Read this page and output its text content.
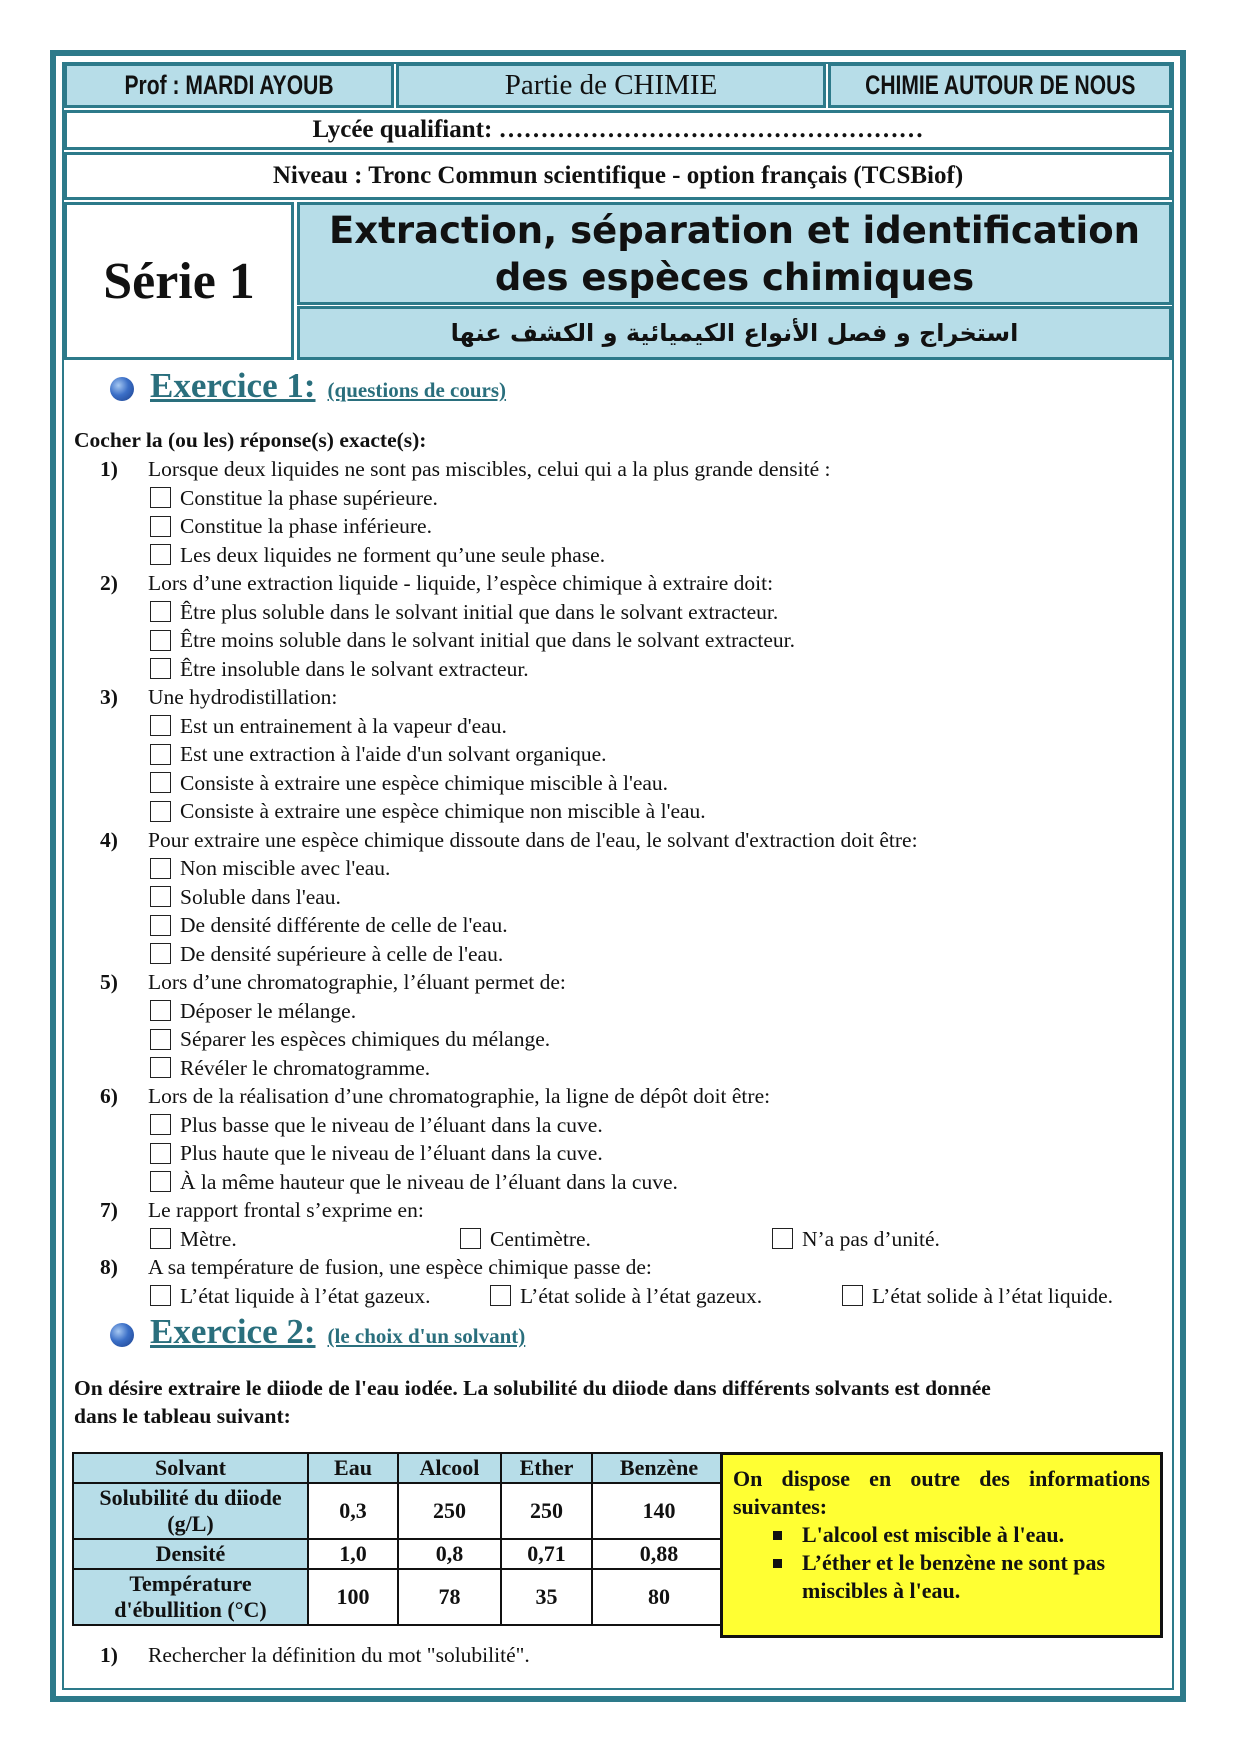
Prof : MARDI AYOUB	Partie de CHIMIE	CHIMIE AUTOUR DE NOUS
Lycée qualifiant: ……………………………………………
Niveau : Tronc Commun scientifique - option français (TCSBiof)
Série 1
Extraction, séparation et identification
des espèces chimiques
استخراج و فصل الأنواع الكيميائية و الكشف عنها
Exercice 1: (questions de cours)
Cocher la (ou les) réponse(s) exacte(s):
1) Lorsque deux liquides ne sont pas miscibles, celui qui a la plus grande densité :
Constitue la phase supérieure.
Constitue la phase inférieure.
Les deux liquides ne forment qu’une seule phase.
2) Lors d’une extraction liquide - liquide, l’espèce chimique à extraire doit:
Être plus soluble dans le solvant initial que dans le solvant extracteur.
Être moins soluble dans le solvant initial que dans le solvant extracteur.
Être insoluble dans le solvant extracteur.
3) Une hydrodistillation:
Est un entrainement à la vapeur d'eau.
Est une extraction à l'aide d'un solvant organique.
Consiste à extraire une espèce chimique miscible à l'eau.
Consiste à extraire une espèce chimique non miscible à l'eau.
4) Pour extraire une espèce chimique dissoute dans de l'eau, le solvant d'extraction doit être:
Non miscible avec l'eau.
Soluble dans l'eau.
De densité différente de celle de l'eau.
De densité supérieure à celle de l'eau.
5) Lors d’une chromatographie, l’éluant permet de:
Déposer le mélange.
Séparer les espèces chimiques du mélange.
Révéler le chromatogramme.
6) Lors de la réalisation d’une chromatographie, la ligne de dépôt doit être:
Plus basse que le niveau de l’éluant dans la cuve.
Plus haute que le niveau de l’éluant dans la cuve.
À la même hauteur que le niveau de l’éluant dans la cuve.
7) Le rapport frontal s’exprime en:
Mètre.	Centimètre.	N’a pas d’unité.
8) A sa température de fusion, une espèce chimique passe de:
L’état liquide à l’état gazeux.	L’état solide à l’état gazeux.	L’état solide à l’état liquide.
Exercice 2: (le choix d'un solvant)
On désire extraire le diiode de l'eau iodée. La solubilité du diiode dans différents solvants est donnée
dans le tableau suivant:
Solvant	Eau	Alcool	Ether	Benzène
Solubilité du diiode
(g/L)	0,3	250	250	140
Densité	1,0	0,8	0,71	0,88
Température
d'ébullition (°C)	100	78	35	80
On dispose en outre des informations suivantes:
L'alcool est miscible à l'eau.
L’éther et le benzène ne sont pas miscibles à l'eau.
1) Rechercher la définition du mot "solubilité".
